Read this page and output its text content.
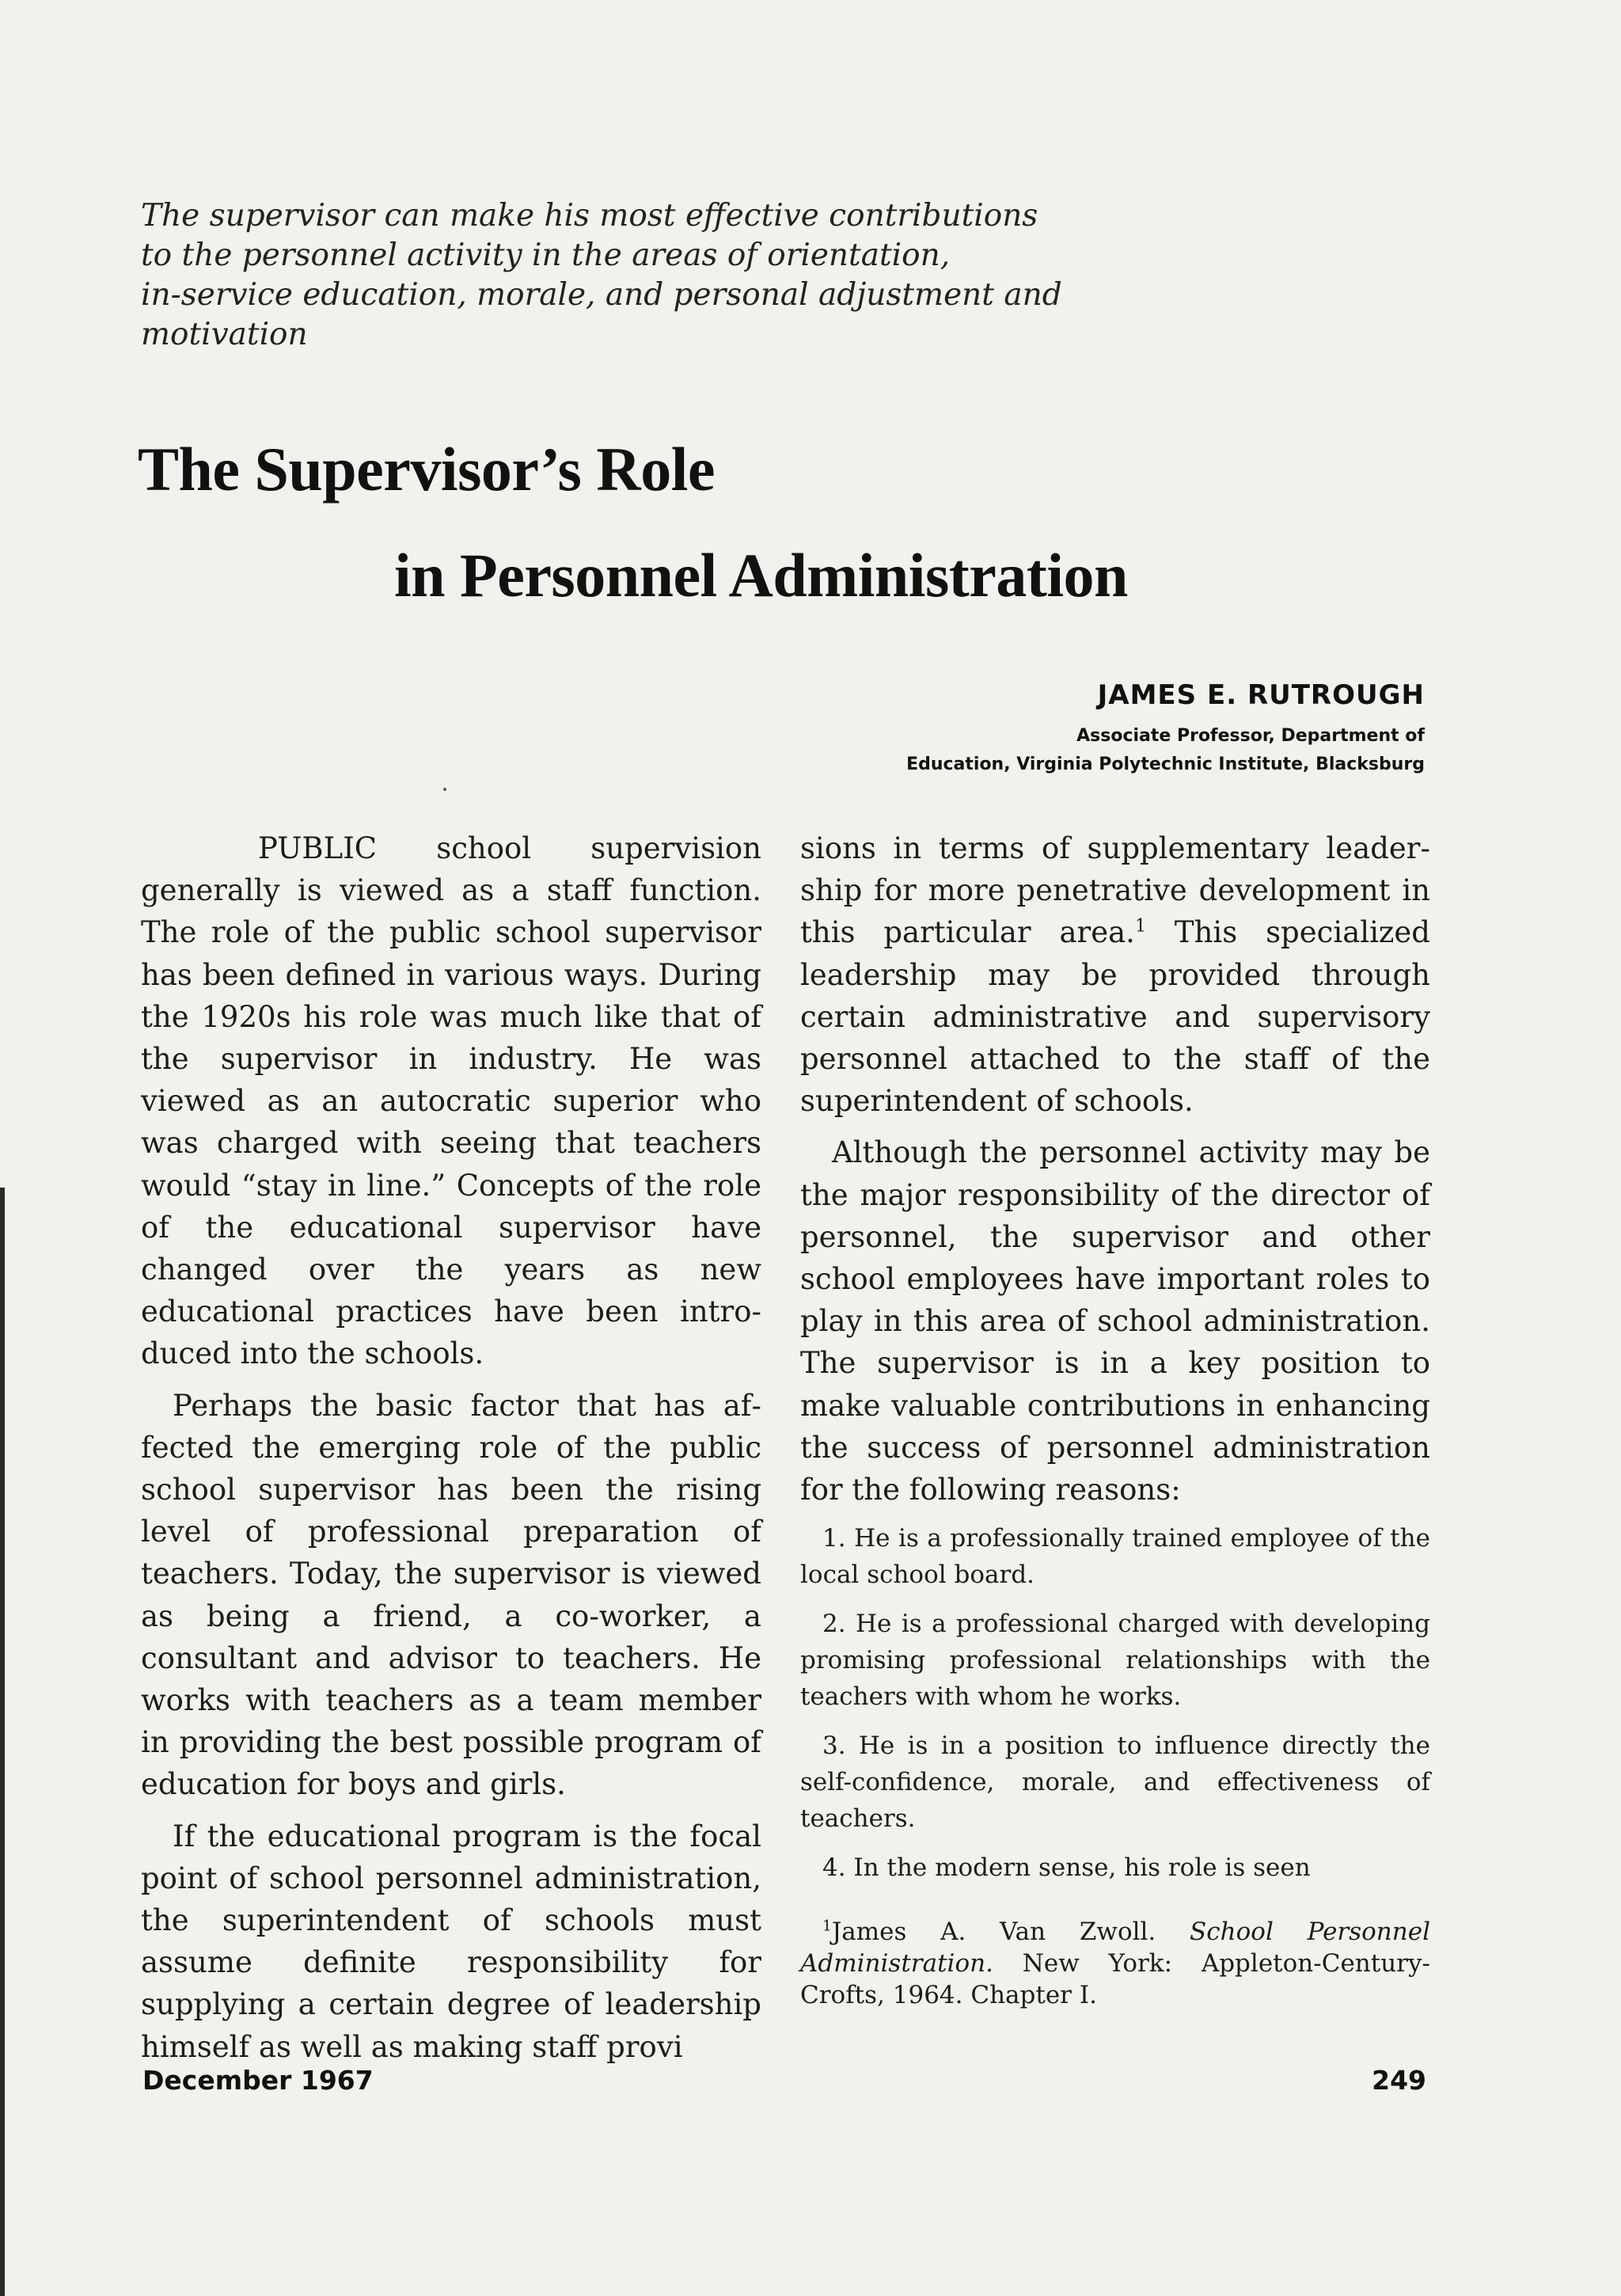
The supervisor can make his most effective contributions
to the personnel activity in the areas of orientation,
in-service education, morale, and personal adjustment and
motivation
The Supervisor’s Role
in Personnel Administration
JAMES E. RUTROUGH
Associate Professor, Department of
Education, Virginia Polytechnic Institute, Blacksburg

PUBLIC school supervision generally is viewed as a staff function. The role of the public school supervisor has been defined in various ways. During the 1920s his role was much like that of the supervisor in industry. He was viewed as an autocratic superior who was charged with seeing that teachers would “stay in line.” Concepts of the role of the educational supervisor have changed over the years as new educational practices have been introduced into the schools.

Perhaps the basic factor that has affected the emerging role of the public school supervisor has been the rising level of professional preparation of teachers. Today, the supervisor is viewed as being a friend, a co-worker, a consultant and advisor to teachers. He works with teachers as a team member in providing the best possible program of education for boys and girls.

If the educational program is the focal point of school personnel administration, the superintendent of schools must assume definite responsibility for supplying a certain degree of leadership himself as well as making staff provi

sions in terms of supplementary leadership for more penetrative development in this particular area.$^1$ This specialized leadership may be provided through certain administrative and supervisory personnel attached to the staff of the superintendent of schools.

Although the personnel activity may be the major responsibility of the director of personnel, the supervisor and other school employees have important roles to play in this area of school administration. The supervisor is in a key position to make valuable contributions in enhancing the success of personnel administration for the following reasons:

1. He is a professionally trained employee of the local school board.

2. He is a professional charged with developing promising professional relationships with the teachers with whom he works.

3. He is in a position to influence directly the self-confidence, morale, and effectiveness of teachers.

4. In the modern sense, his role is seen

$^1$James A. Van Zwoll. School Personnel Administration. New York: Appleton-Century-Crofts, 1964. Chapter I.

December 1967	249
